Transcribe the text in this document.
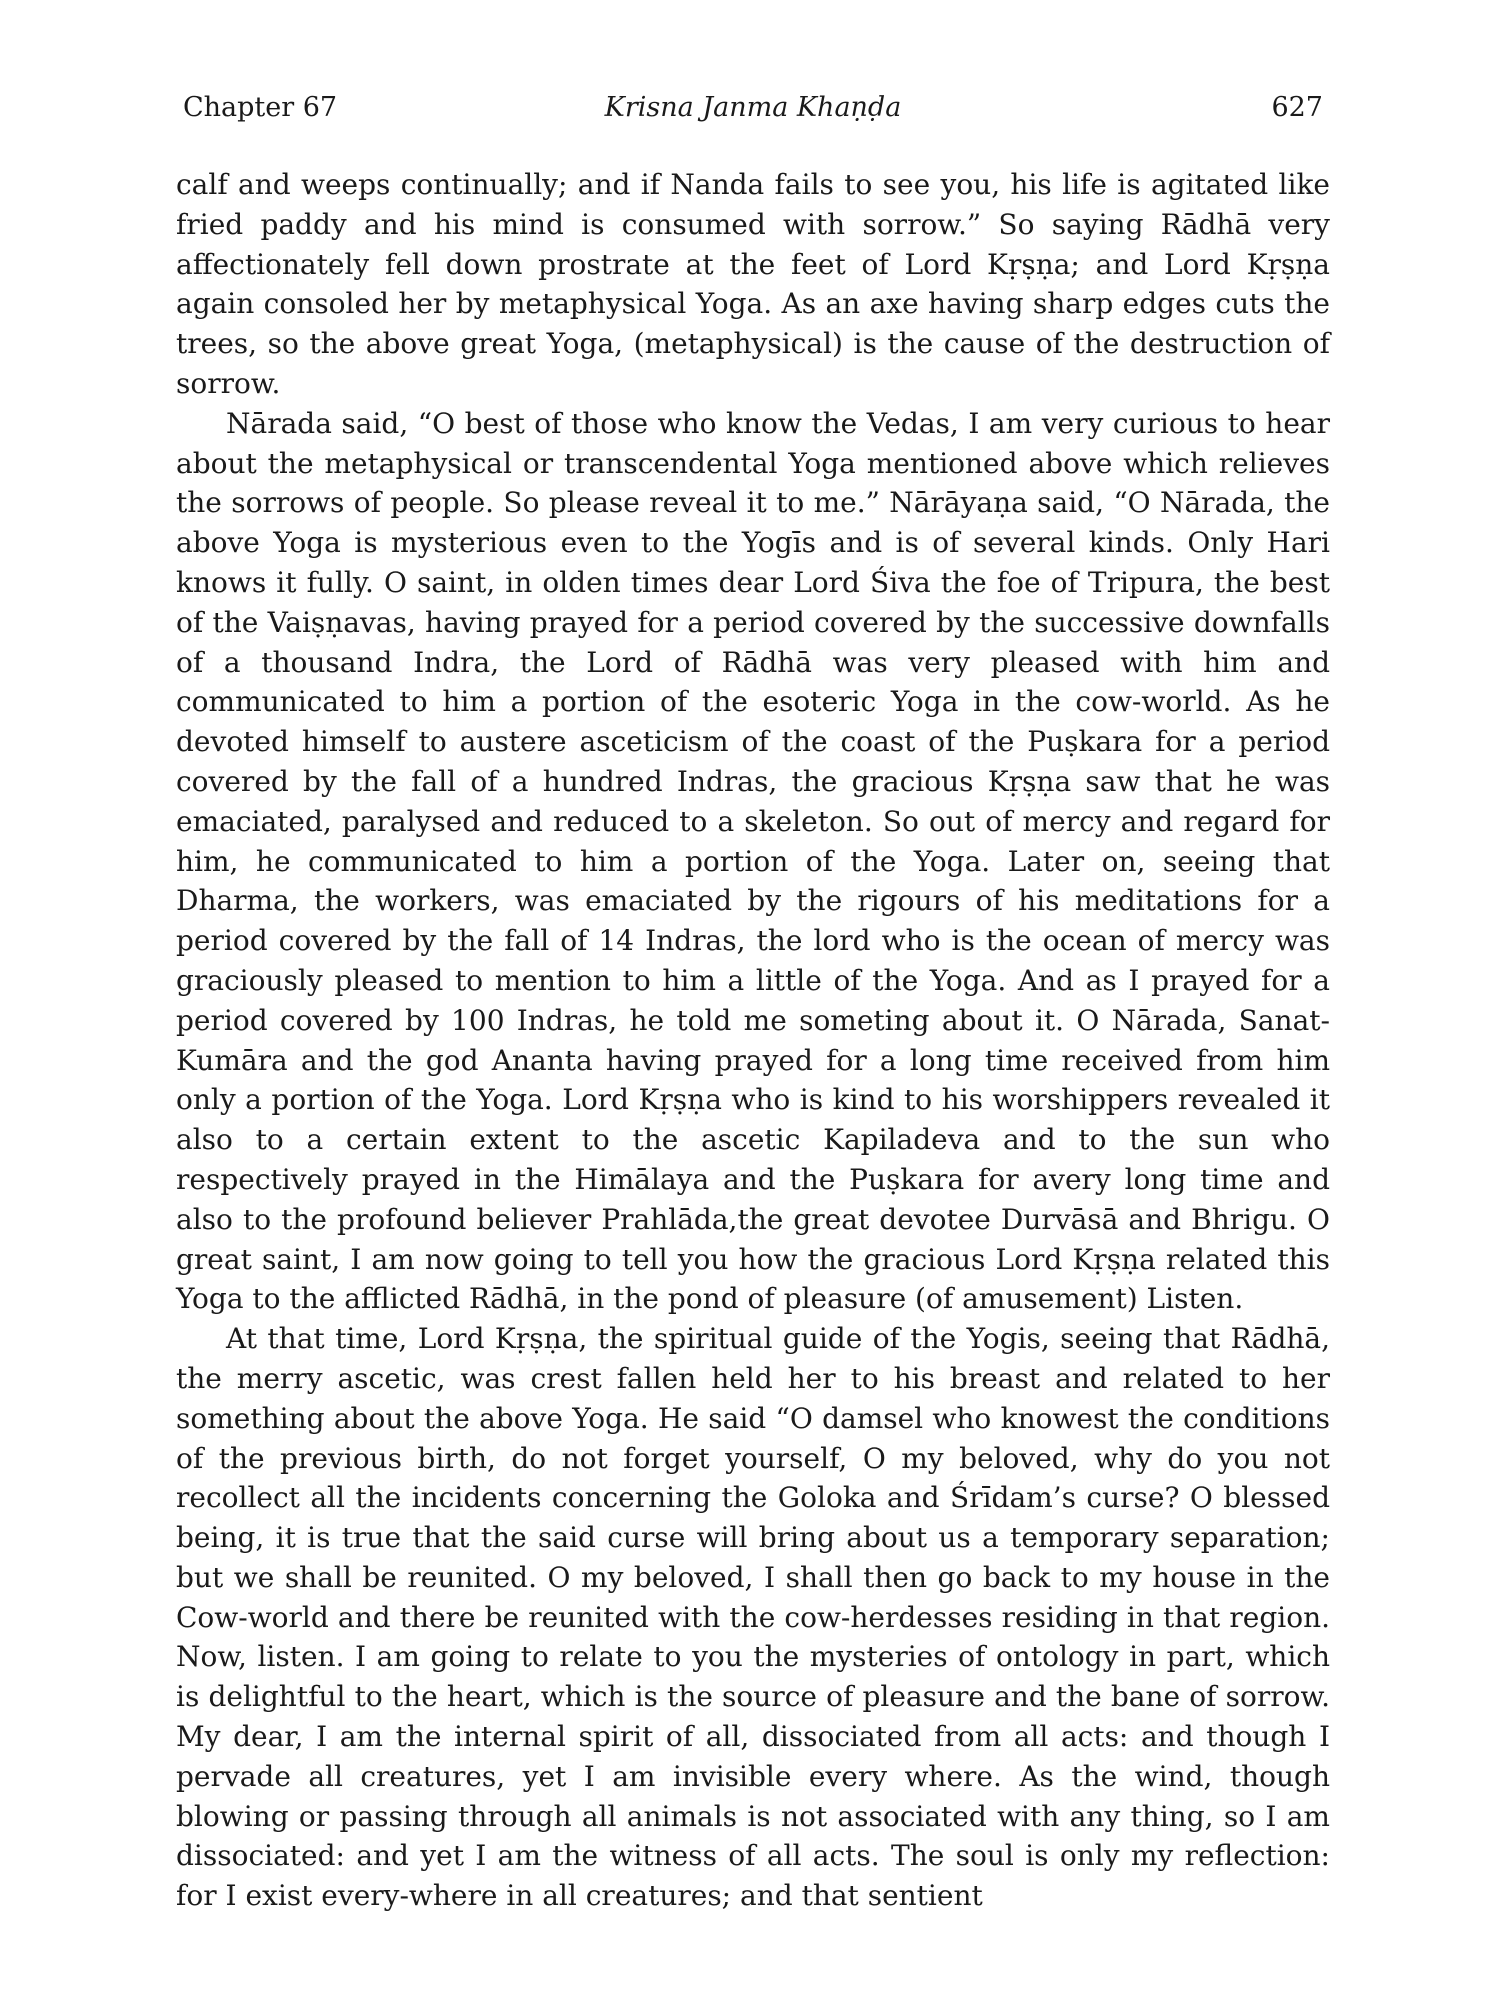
Chapter 67	Krisna Janma Khaṇḍa	627

calf and weeps continually; and if Nanda fails to see you, his life is agitated like fried paddy and his mind is consumed with sorrow.” So saying Rādhā very affectionately fell down prostrate at the feet of Lord Kṛṣṇa; and Lord Kṛṣṇa again consoled her by metaphysical Yoga. As an axe having sharp edges cuts the trees, so the above great Yoga, (metaphysical) is the cause of the destruction of sorrow.

Nārada said, “O best of those who know the Vedas, I am very curious to hear about the metaphysical or transcendental Yoga mentioned above which relieves the sorrows of people. So please reveal it to me.” Nārāyaṇa said, “O Nārada, the above Yoga is mysterious even to the Yogīs and is of several kinds. Only Hari knows it fully. O saint, in olden times dear Lord Śiva the foe of Tripura, the best of the Vaiṣṇavas, having prayed for a period covered by the successive downfalls of a thousand Indra, the Lord of Rādhā was very pleased with him and communicated to him a portion of the esoteric Yoga in the cow-world. As he devoted himself to austere asceticism of the coast of the Puṣkara for a period covered by the fall of a hundred Indras, the gracious Kṛṣṇa saw that he was emaciated, paralysed and reduced to a skeleton. So out of mercy and regard for him, he communicated to him a portion of the Yoga. Later on, seeing that Dharma, the workers, was emaciated by the rigours of his meditations for a period covered by the fall of 14 Indras, the lord who is the ocean of mercy was graciously pleased to mention to him a little of the Yoga. And as I prayed for a period covered by 100 Indras, he told me someting about it. O Nārada, Sanat-Kumāra and the god Ananta having prayed for a long time received from him only a portion of the Yoga. Lord Kṛṣṇa who is kind to his worshippers revealed it also to a certain extent to the ascetic Kapiladeva and to the sun who respectively prayed in the Himālaya and the Puṣkara for avery long time and also to the profound believer Prahlāda,the great devotee Durvāsā and Bhrigu. O great saint, I am now going to tell you how the gracious Lord Kṛṣṇa related this Yoga to the afflicted Rādhā, in the pond of pleasure (of amusement) Listen.

At that time, Lord Kṛṣṇa, the spiritual guide of the Yogis, seeing that Rādhā, the merry ascetic, was crest fallen held her to his breast and related to her something about the above Yoga. He said “O damsel who knowest the conditions of the previous birth, do not forget yourself, O my beloved, why do you not recollect all the incidents concerning the Goloka and Śrīdam’s curse? O blessed being, it is true that the said curse will bring about us a temporary separation; but we shall be reunited. O my beloved, I shall then go back to my house in the Cow-world and there be reunited with the cow-herdesses residing in that region. Now, listen. I am going to relate to you the mysteries of ontology in part, which is delightful to the heart, which is the source of pleasure and the bane of sorrow. My dear, I am the internal spirit of all, dissociated from all acts: and though I pervade all creatures, yet I am invisible every where. As the wind, though blowing or passing through all animals is not associated with any thing, so I am dissociated: and yet I am the witness of all acts. The soul is only my reflection: for I exist every-where in all creatures; and that sentient
